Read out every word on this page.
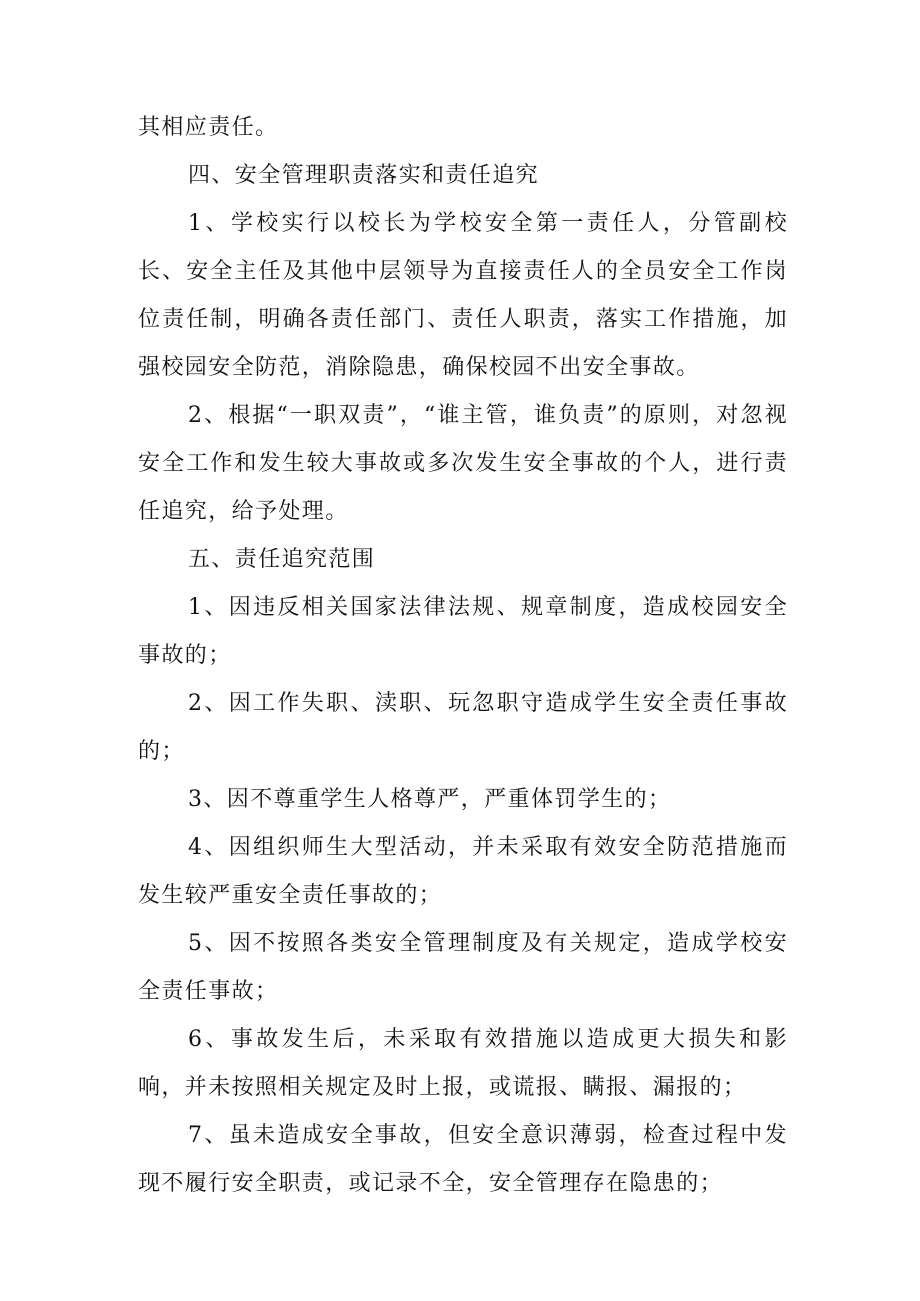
其相应责任。

四、安全管理职责落实和责任追究

1、学校实行以校长为学校安全第一责任人，分管副校长、安全主任及其他中层领导为直接责任人的全员安全工作岗位责任制，明确各责任部门、责任人职责，落实工作措施，加强校园安全防范，消除隐患，确保校园不出安全事故。

2、根据“一职双责”，“谁主管，谁负责”的原则，对忽视安全工作和发生较大事故或多次发生安全事故的个人，进行责任追究，给予处理。

五、责任追究范围

1、因违反相关国家法律法规、规章制度，造成校园安全事故的；

2、因工作失职、渎职、玩忽职守造成学生安全责任事故的；

3、因不尊重学生人格尊严，严重体罚学生的；

4、因组织师生大型活动，并未采取有效安全防范措施而发生较严重安全责任事故的；

5、因不按照各类安全管理制度及有关规定，造成学校安全责任事故；

6、事故发生后，未采取有效措施以造成更大损失和影响，并未按照相关规定及时上报，或谎报、瞒报、漏报的；

7、虽未造成安全事故，但安全意识薄弱，检查过程中发现不履行安全职责，或记录不全，安全管理存在隐患的；
